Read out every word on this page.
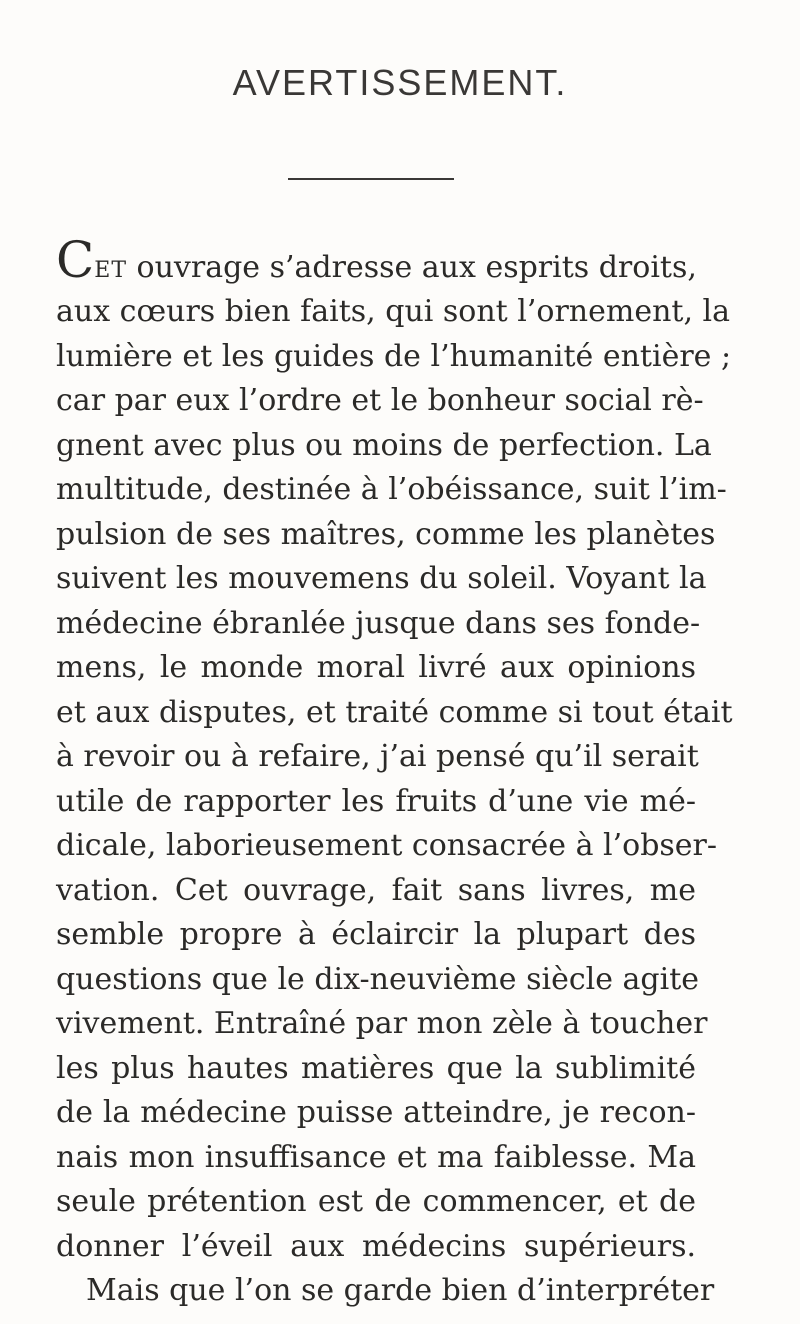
AVERTISSEMENT.
CET ouvrage s’adresse aux esprits droits,
aux cœurs bien faits, qui sont l’ornement, la
lumière et les guides de l’humanité entière ;
car par eux l’ordre et le bonheur social rè-
gnent avec plus ou moins de perfection. La
multitude, destinée à l’obéissance, suit l’im-
pulsion de ses maîtres, comme les planètes
suivent les mouvemens du soleil. Voyant la
médecine ébranlée jusque dans ses fonde-
mens, le monde moral livré aux opinions
et aux disputes, et traité comme si tout était
à revoir ou à refaire, j’ai pensé qu’il serait
utile de rapporter les fruits d’une vie mé-
dicale, laborieusement consacrée à l’obser-
vation. Cet ouvrage, fait sans livres, me
semble propre à éclaircir la plupart des
questions que le dix-neuvième siècle agite
vivement. Entraîné par mon zèle à toucher
les plus hautes matières que la sublimité
de la médecine puisse atteindre, je recon-
nais mon insuffisance et ma faiblesse. Ma
seule prétention est de commencer, et de
donner l’éveil aux médecins supérieurs.
Mais que l’on se garde bien d’interpréter
